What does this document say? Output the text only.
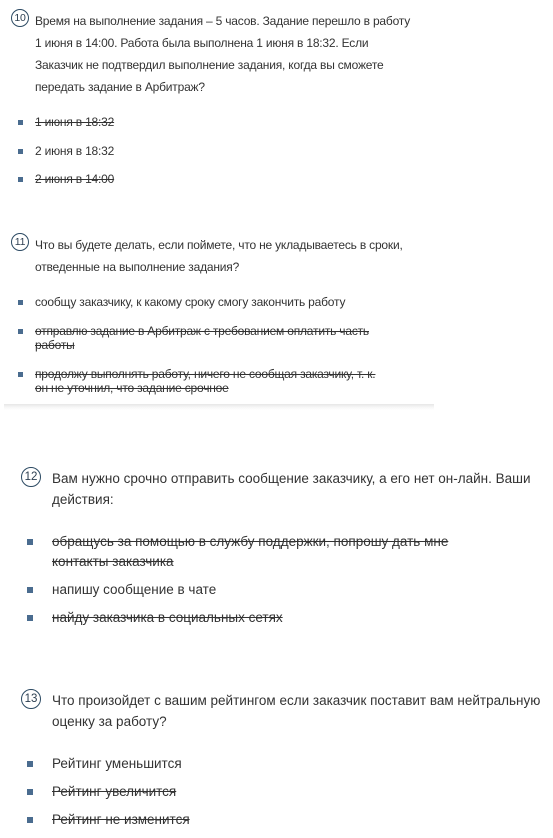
10 Время на выполнение задания – 5 часов. Задание перешло в работу 1 июня в 14:00. Работа была выполнена 1 июня в 18:32. Если Заказчик не подтвердил выполнение задания, когда вы сможете передать задание в Арбитраж?

1 июня в 18:32
2 июня в 18:32
2 июня в 14:00
11 Что вы будете делать, если поймете, что не укладываетесь в сроки, отведенные на выполнение задания?

сообщу заказчику, к какому сроку смогу закончить работу
отправлю задание в Арбитраж с требованием оплатить часть работы
продолжу выполнять работу, ничего не сообщая заказчику, т. к. он не уточнил, что задание срочное
12	Вам нужно срочно отправить сообщение заказчику, а его нет он-лайн. Ваши действия:

обращусь за помощью в службу поддержки, попрошу дать мне контакты заказчика
напишу сообщение в чате
найду заказчика в социальных сетях
13	Что произойдет с вашим рейтингом если заказчик поставит вам нейтральную оценку за работу?

Рейтинг уменьшится
Рейтинг увеличится
Рейтинг не изменится
